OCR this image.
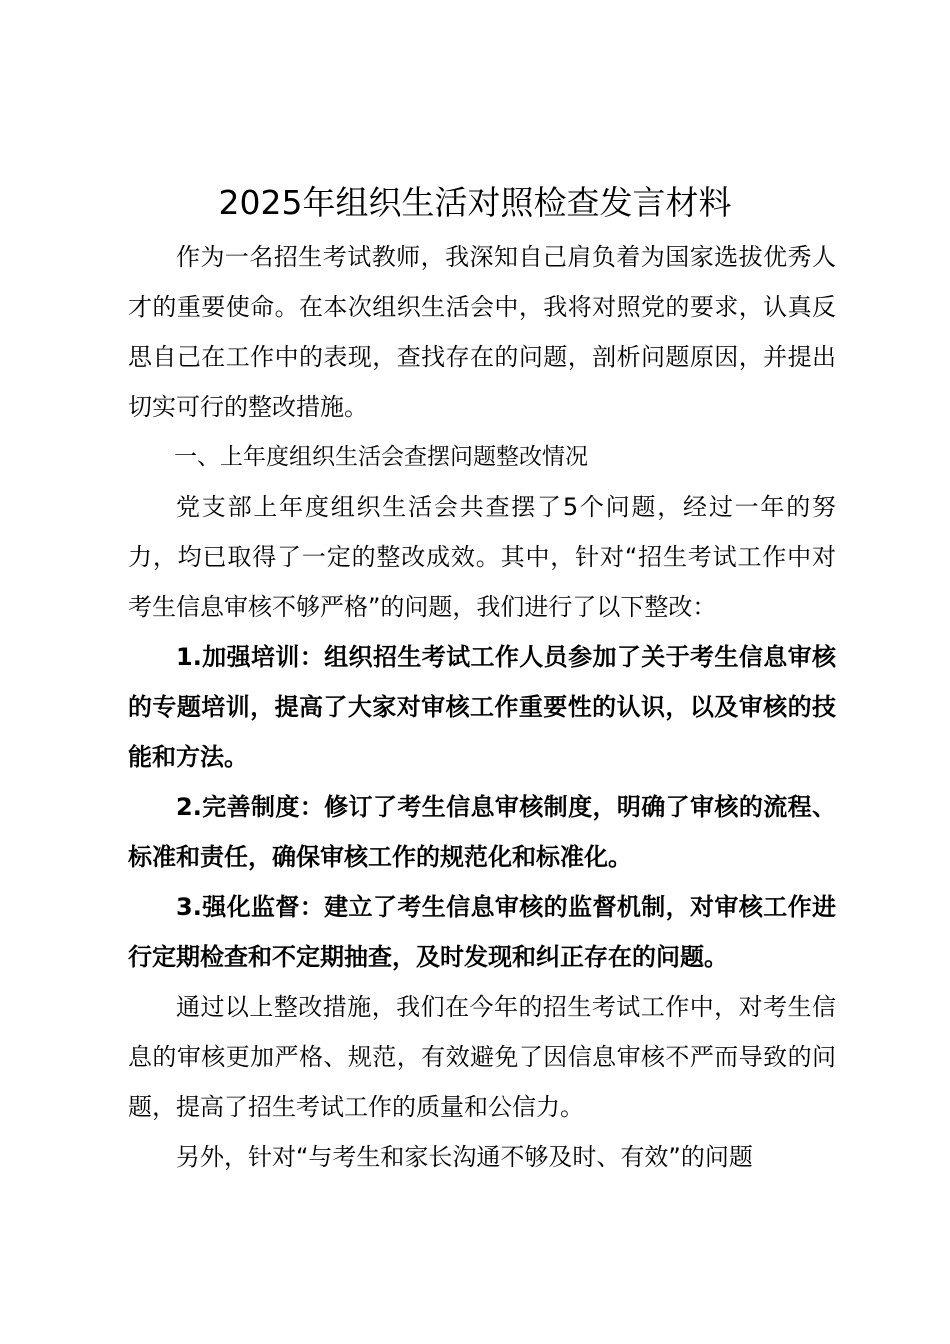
2025年组织生活对照检查发言材料

作为一名招生考试教师，我深知自己肩负着为国家选拔优秀人才的重要使命。在本次组织生活会中，我将对照党的要求，认真反思自己在工作中的表现，查找存在的问题，剖析问题原因，并提出切实可行的整改措施。

一、上年度组织生活会查摆问题整改情况

党支部上年度组织生活会共查摆了5个问题，经过一年的努力，均已取得了一定的整改成效。其中，针对“招生考试工作中对考生信息审核不够严格”的问题，我们进行了以下整改：

1.加强培训：组织招生考试工作人员参加了关于考生信息审核的专题培训，提高了大家对审核工作重要性的认识，以及审核的技能和方法。

2.完善制度：修订了考生信息审核制度，明确了审核的流程、标准和责任，确保审核工作的规范化和标准化。

3.强化监督：建立了考生信息审核的监督机制，对审核工作进行定期检查和不定期抽查，及时发现和纠正存在的问题。

通过以上整改措施，我们在今年的招生考试工作中，对考生信息的审核更加严格、规范，有效避免了因信息审核不严而导致的问题，提高了招生考试工作的质量和公信力。

另外，针对“与考生和家长沟通不够及时、有效”的问题
